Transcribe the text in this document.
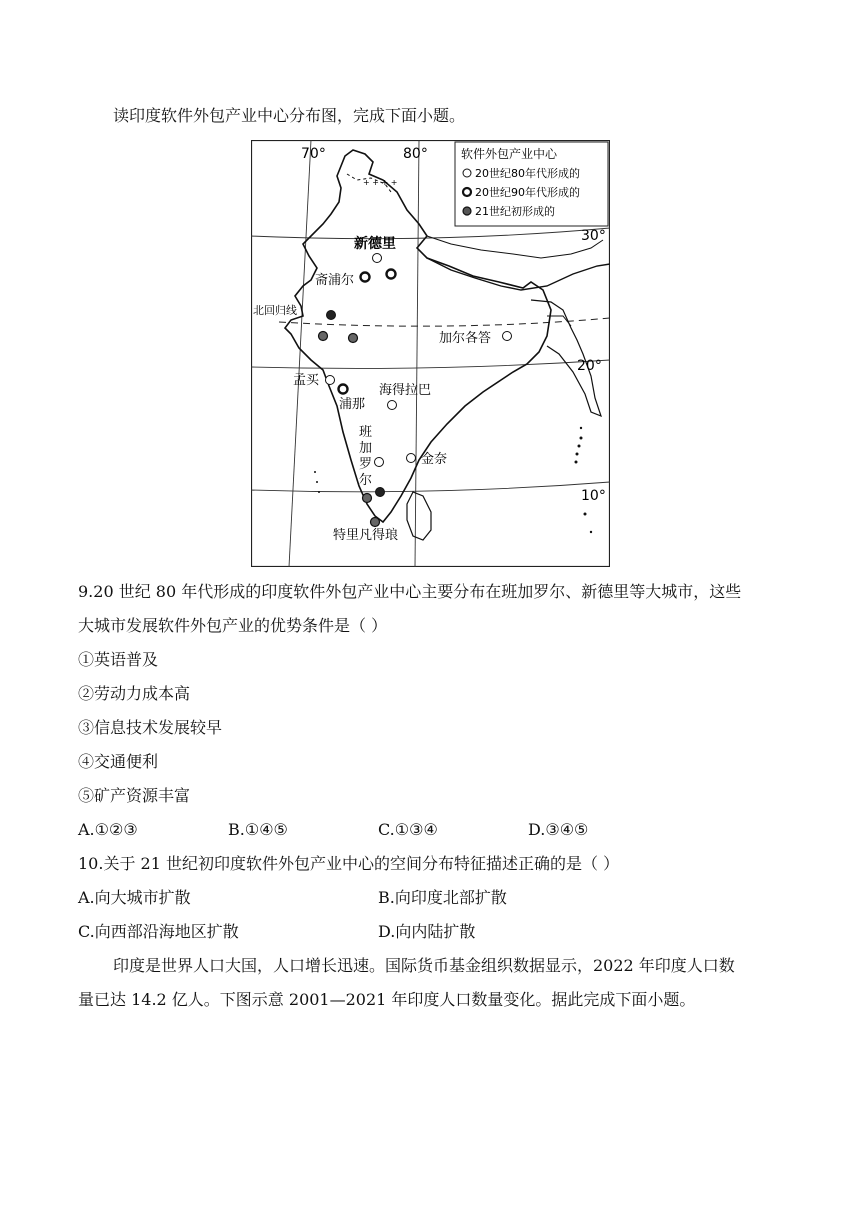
读印度软件外包产业中心分布图，完成下面小题。
+ + + +
70°	80°
30°
20°
10°
北回归线
软件外包产业中心
20世纪80年代形成的
20世纪90年代形成的
21世纪初形成的
新德里
斋浦尔
加尔各答
孟买
浦那
海得拉巴
班
加
罗
尔
金奈
特里凡得琅
9.20 世纪 80 年代形成的印度软件外包产业中心主要分布在班加罗尔、新德里等大城市，这些
大城市发展软件外包产业的优势条件是（ ）
①英语普及
②劳动力成本高
③信息技术发展较早
④交通便利
⑤矿产资源丰富
A.①②③	B.①④⑤	C.①③④	D.③④⑤
10.关于 21 世纪初印度软件外包产业中心的空间分布特征描述正确的是（ ）
A.向大城市扩散	B.向印度北部扩散
C.向西部沿海地区扩散	D.向内陆扩散
印度是世界人口大国，人口增长迅速。国际货币基金组织数据显示，2022 年印度人口数
量已达 14.2 亿人。下图示意 2001—2021 年印度人口数量变化。据此完成下面小题。
